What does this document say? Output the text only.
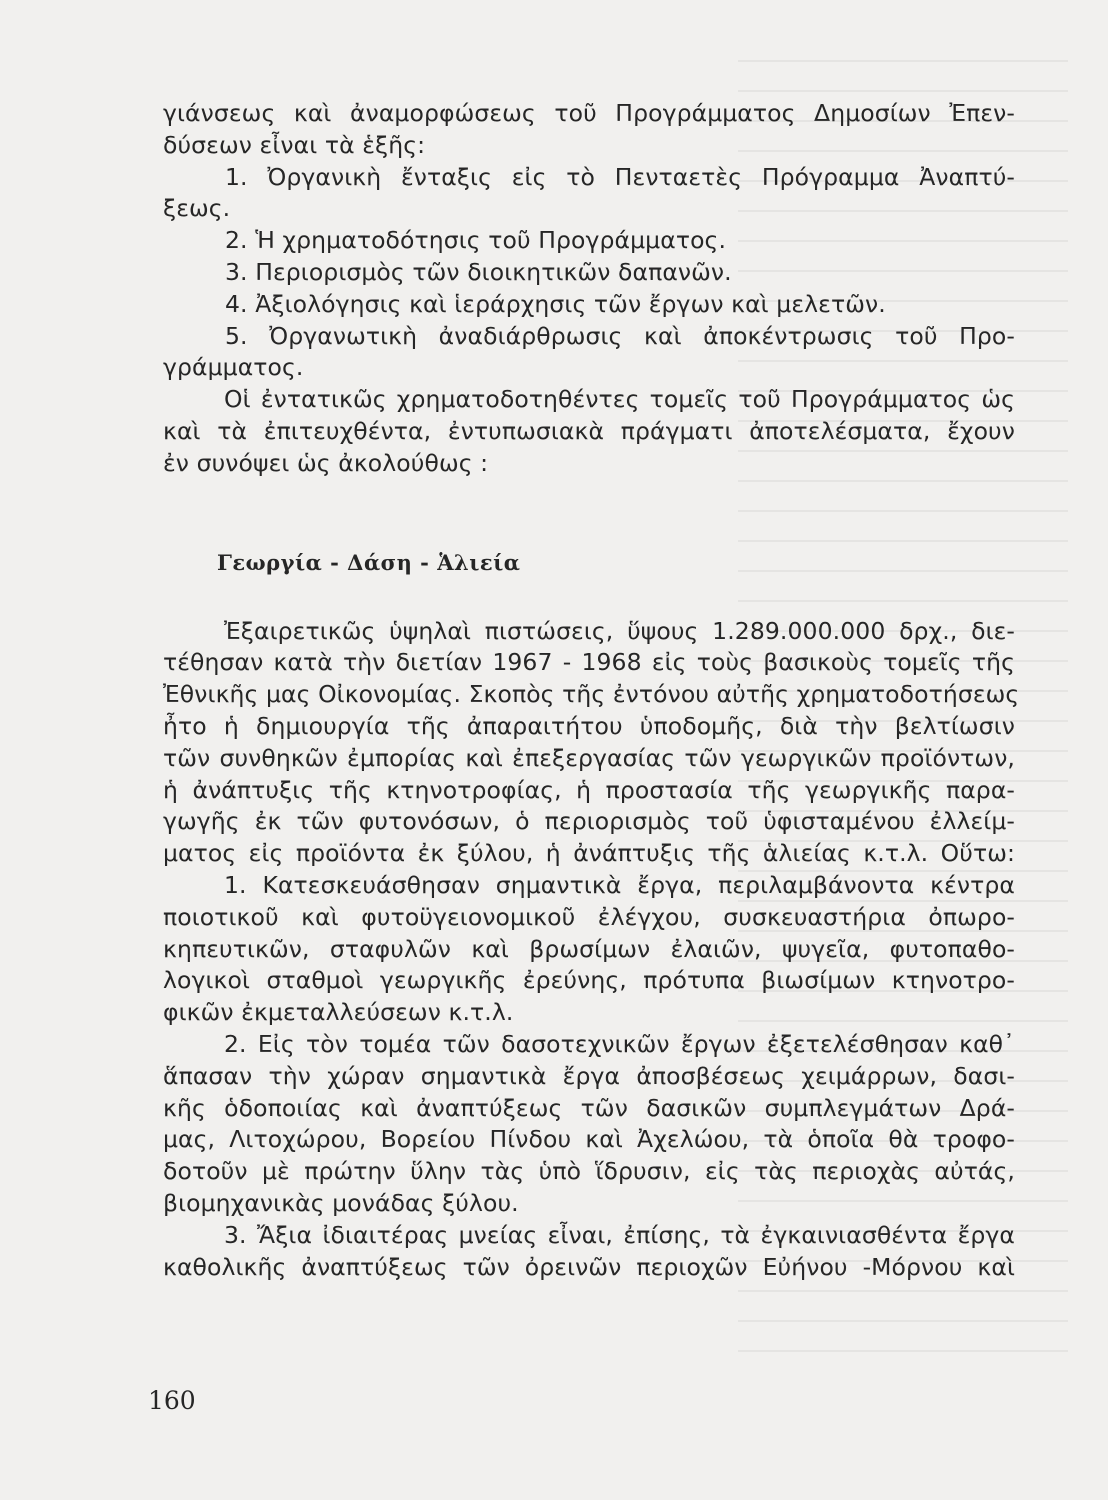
γιάνσεως καὶ ἀναμορφώσεως τοῦ Προγράμματος Δημοσίων Ἐπεν-
δύσεων εἶναι τὰ ἑξῆς:
1. Ὀργανικὴ ἔνταξις εἰς τὸ Πενταετὲς Πρόγραμμα Ἀναπτύ-
ξεως.
2. Ἡ χρηματοδότησις τοῦ Προγράμματος.
3. Περιορισμὸς τῶν διοικητικῶν δαπανῶν.
4. Ἀξιολόγησις καὶ ἱεράρχησις τῶν ἔργων καὶ μελετῶν.
5. Ὀργανωτικὴ ἀναδιάρθρωσις καὶ ἀποκέντρωσις τοῦ Προ-
γράμματος.
Οἱ ἐντατικῶς χρηματοδοτηθέντες τομεῖς τοῦ Προγράμματος ὡς
καὶ τὰ ἐπιτευχθέντα, ἐντυπωσιακὰ πράγματι ἀποτελέσματα, ἔχουν
ἐν συνόψει ὡς ἀκολούθως :
Γεωργία - Δάση - Ἁλιεία
Ἐξαιρετικῶς ὑψηλαὶ πιστώσεις, ὕψους 1.289.000.000 δρχ., διε-
τέθησαν κατὰ τὴν διετίαν 1967 - 1968 εἰς τοὺς βασικοὺς τομεῖς τῆς
Ἐθνικῆς μας Οἰκονομίας. Σκοπὸς τῆς ἐντόνου αὐτῆς χρηματοδοτήσεως
ἦτο ἡ δημιουργία τῆς ἀπαραιτήτου ὑποδομῆς, διὰ τὴν βελτίωσιν
τῶν συνθηκῶν ἐμπορίας καὶ ἐπεξεργασίας τῶν γεωργικῶν προϊόντων,
ἡ ἀνάπτυξις τῆς κτηνοτροφίας, ἡ προστασία τῆς γεωργικῆς παρα-
γωγῆς ἐκ τῶν φυτονόσων, ὁ περιορισμὸς τοῦ ὑφισταμένου ἐλλείμ-
ματος εἰς προϊόντα ἐκ ξύλου, ἡ ἀνάπτυξις τῆς ἁλιείας κ.τ.λ. Οὕτω:
1. Κατεσκευάσθησαν σημαντικὰ ἔργα, περιλαμβάνοντα κέντρα
ποιοτικοῦ καὶ φυτοϋγειονομικοῦ ἐλέγχου, συσκευαστήρια ὀπωρο-
κηπευτικῶν, σταφυλῶν καὶ βρωσίμων ἐλαιῶν, ψυγεῖα, φυτοπαθο-
λογικοὶ σταθμοὶ γεωργικῆς ἐρεύνης, πρότυπα βιωσίμων κτηνοτρο-
φικῶν ἐκμεταλλεύσεων κ.τ.λ.
2. Εἰς τὸν τομέα τῶν δασοτεχνικῶν ἔργων ἐξετελέσθησαν καθ᾽
ἅπασαν τὴν χώραν σημαντικὰ ἔργα ἀποσβέσεως χειμάρρων, δασι-
κῆς ὁδοποιίας καὶ ἀναπτύξεως τῶν δασικῶν συμπλεγμάτων Δρά-
μας, Λιτοχώρου, Βορείου Πίνδου καὶ Ἀχελώου, τὰ ὁποῖα θὰ τροφο-
δοτοῦν μὲ πρώτην ὕλην τὰς ὑπὸ ἵδρυσιν, εἰς τὰς περιοχὰς αὐτάς,
βιομηχανικὰς μονάδας ξύλου.
3. Ἄξια ἰδιαιτέρας μνείας εἶναι, ἐπίσης, τὰ ἐγκαινιασθέντα ἔργα
καθολικῆς ἀναπτύξεως τῶν ὀρεινῶν περιοχῶν Εὐήνου -Μόρνου καὶ
160
